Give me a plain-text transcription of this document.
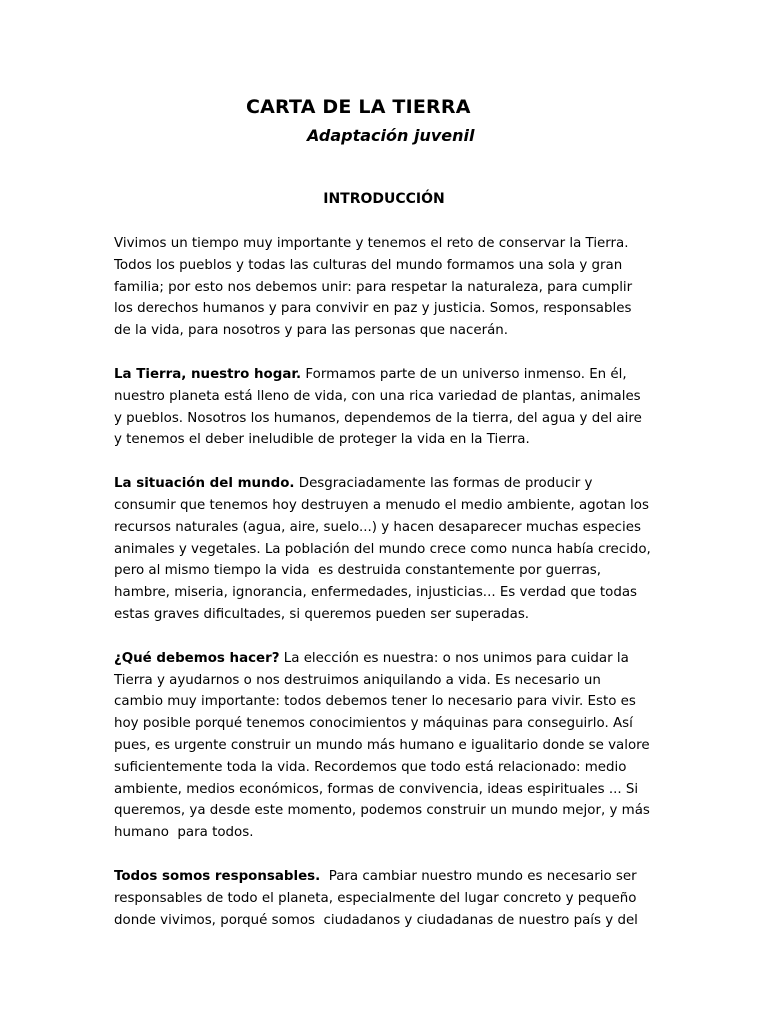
CARTA DE LA TIERRA
Adaptación juvenil
INTRODUCCIÓN

Vivimos un tiempo muy importante y tenemos el reto de conservar la Tierra.
Todos los pueblos y todas las culturas del mundo formamos una sola y gran
familia; por esto nos debemos unir: para respetar la naturaleza, para cumplir
los derechos humanos y para convivir en paz y justicia. Somos, responsables
de la vida, para nosotros y para las personas que nacerán.

La Tierra, nuestro hogar. Formamos parte de un universo inmenso. En él,
nuestro planeta está lleno de vida, con una rica variedad de plantas, animales
y pueblos. Nosotros los humanos, dependemos de la tierra, del agua y del aire
y tenemos el deber ineludible de proteger la vida en la Tierra.

La situación del mundo. Desgraciadamente las formas de producir y
consumir que tenemos hoy destruyen a menudo el medio ambiente, agotan los
recursos naturales (agua, aire, suelo...) y hacen desaparecer muchas especies
animales y vegetales. La población del mundo crece como nunca había crecido,
pero al mismo tiempo la vida  es destruida constantemente por guerras,
hambre, miseria, ignorancia, enfermedades, injusticias... Es verdad que todas
estas graves dificultades, si queremos pueden ser superadas.

¿Qué debemos hacer? La elección es nuestra: o nos unimos para cuidar la
Tierra y ayudarnos o nos destruimos aniquilando a vida. Es necesario un
cambio muy importante: todos debemos tener lo necesario para vivir. Esto es
hoy posible porqué tenemos conocimientos y máquinas para conseguirlo. Así
pues, es urgente construir un mundo más humano e igualitario donde se valore
suficientemente toda la vida. Recordemos que todo está relacionado: medio
ambiente, medios económicos, formas de convivencia, ideas espirituales ... Si
queremos, ya desde este momento, podemos construir un mundo mejor, y más
humano  para todos.

Todos somos responsables.  Para cambiar nuestro mundo es necesario ser
responsables de todo el planeta, especialmente del lugar concreto y pequeño
donde vivimos, porqué somos  ciudadanos y ciudadanas de nuestro país y del
